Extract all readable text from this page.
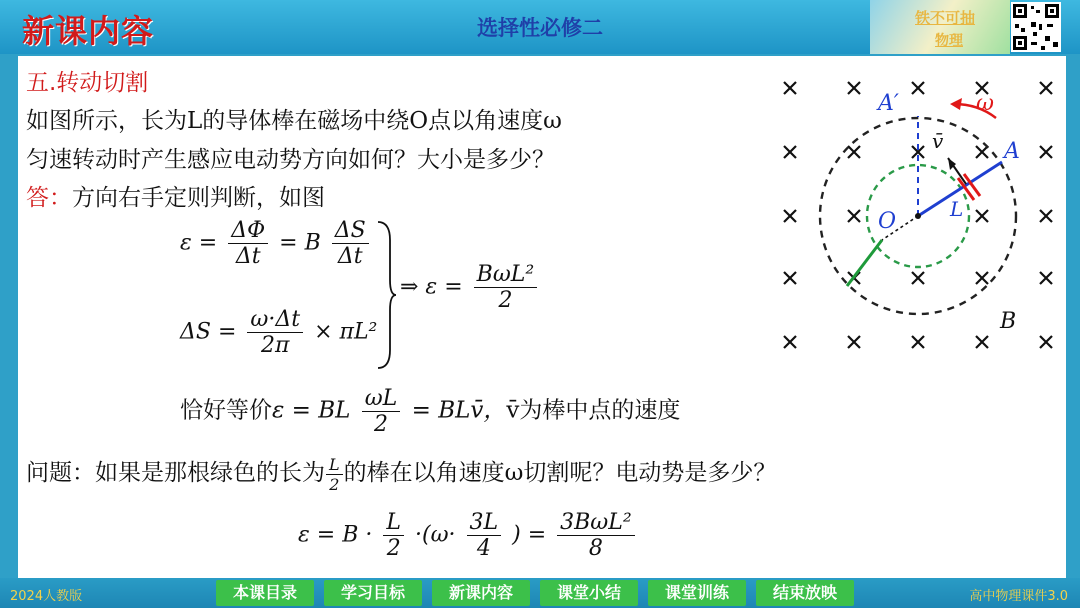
新课内容	选择性必修二	铁不可抽
物理
五.转动切割
如图所示，长为L的导体棒在磁场中绕O点以角速度ω
匀速转动时产生感应电动势方向如何？大小是多少？
答：方向右手定则判断，如图
$\varepsilon = \frac{\Delta\Phi}{\Delta t} = B \frac{\Delta S}{\Delta t}$
$\Delta S = \frac{\omega\cdot\Delta t}{2\pi} \times \pi L^2$
⇒ $\varepsilon = \frac{\text{BωL²}}{2}$
恰好等价ε = BL $\frac{\omega L}{2}$ = BLv̄，v̄为棒中点的速度
问题：如果是那根绿色的长为 $\frac{L}{2}$ 的棒在以角速度ω切割呢？电动势是多少？
$\varepsilon = B \cdot \frac{L}{2} \cdot(\omega\cdot \frac{3L}{4}$ ) = $\frac{\text{3BωL²}}{8}$
A′
A
ω
v̄
O	L
B
2024人教版	高中物理课件3.0
本课目录	学习目标	新课内容	课堂小结	课堂训练	结束放映
